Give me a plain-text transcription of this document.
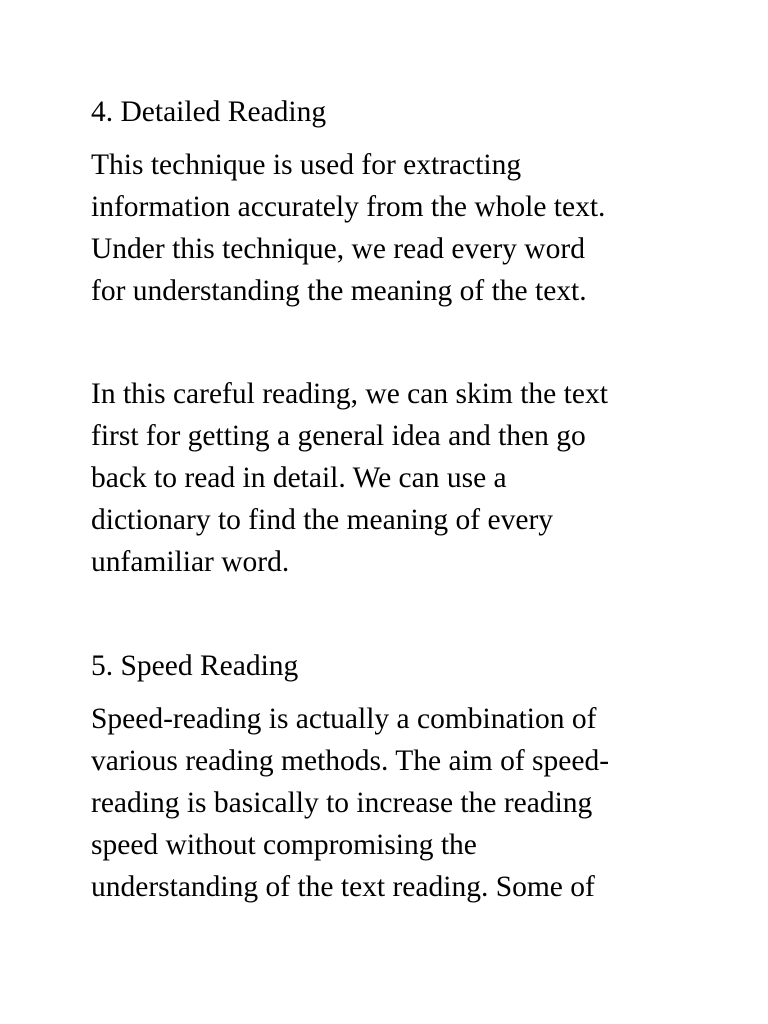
4. Detailed Reading
This technique is used for extracting
information accurately from the whole text.
Under this technique, we read every word
for understanding the meaning of the text.
In this careful reading, we can skim the text
first for getting a general idea and then go
back to read in detail. We can use a
dictionary to find the meaning of every
unfamiliar word.
5. Speed Reading
Speed-reading is actually a combination of
various reading methods. The aim of speed-
reading is basically to increase the reading
speed without compromising the
understanding of the text reading. Some of
